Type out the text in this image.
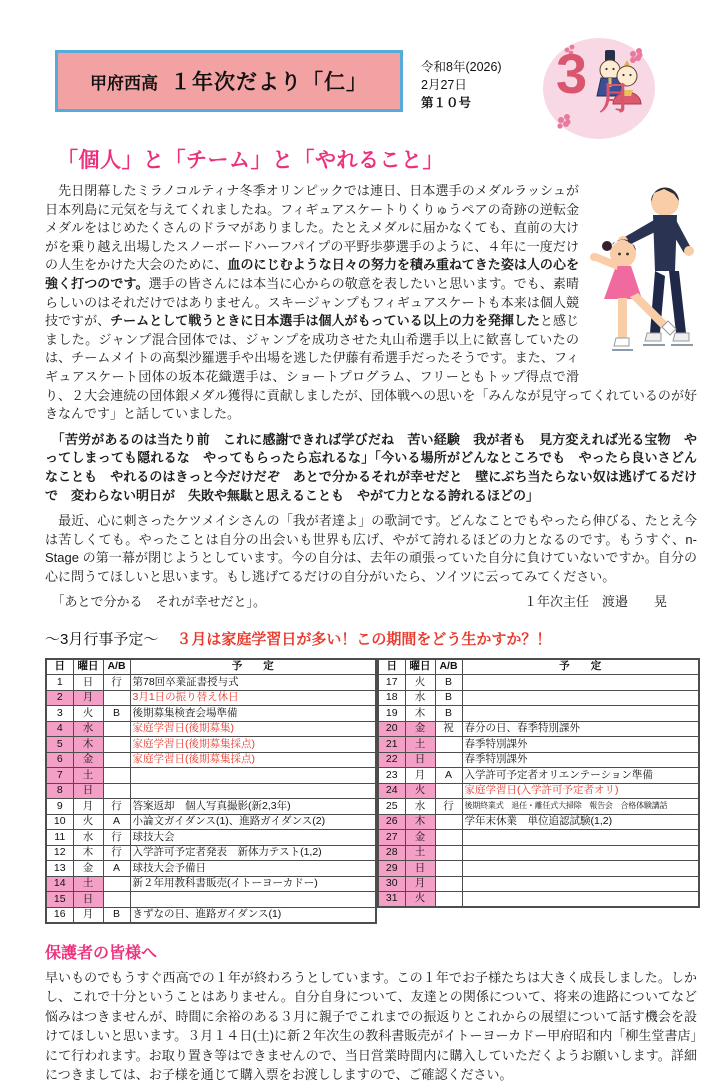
甲府西高 １年次だより「仁」
令和8年(2026)
2月27日
第１０号	3 月
「個人」と「チーム」と「やれること」

　先日閉幕したミラノコルティナ冬季オリンピックでは連日、日本選手のメダルラッシュが日本列島に元気を与えてくれましたね。フィギュアスケートりくりゅうペアの奇跡の逆転金メダルをはじめたくさんのドラマがありました。たとえメダルに届かなくても、直前の大けがを乗り越え出場したスノーボードハーフパイプの平野歩夢選手のように、４年に一度だけの人生をかけた大会のために、血のにじむような日々の努力を積み重ねてきた姿は人の心を強く打つのです。選手の皆さんには本当に心からの敬意を表したいと思います。でも、素晴らしいのはそれだけではありません。スキージャンプもフィギュアスケートも本来は個人競技ですが、チームとして戦うときに日本選手は個人がもっている以上の力を発揮したと感じました。ジャンプ混合団体では、ジャンプを成功させた丸山希選手以上に歓喜していたのは、チームメイトの高梨沙羅選手や出場を逃した伊藤有希選手だったそうです。また、フィギュアスケート団体の坂本花織選手は、ショートプログラム、フリーともトップ得点で滑り、２大会連続の団体銀メダル獲得に貢献しましたが、団体戦への思いを「みんなが見守ってくれているのが好きなんです」と話していました。

　「苦労があるのは当たり前　これに感謝できれば学びだね　苦い経験　我が者も　見方変えれば光る宝物　やってしまっても隠れるな　やってもらったら忘れるな」「今いる場所がどんなところでも　やったら良いさどんなことも　やれるのはきっと今だけだぞ　あとで分かるそれが幸せだと　壁にぶち当たらない奴は逃げてるだけで　変わらない明日が　失敗や無駄と思えることも　やがて力となる誇れるほどの」

　最近、心に刺さったケツメイシさんの「我が者達よ」の歌詞です。どんなことでもやったら伸びる、たとえ今は苦しくても。やったことは自分の出会いも世界も広げ、やがて誇れるほどの力となるのです。もうすぐ、n-Stage の第一幕が閉じようとしています。今の自分は、去年の頑張っていた自分に負けていないですか。自分の心に問うてほしいと思います。もし逃げてるだけの自分がいたら、ソイツに云ってみてください。

　「あとで分かる　それが幸せだと」。	１年次主任　渡邉　　晃
～3月行事予定～ ３月は家庭学習日が多い！この期間をどう生かすか？！
日	曜日	A/B	予　　定
1	日	行	第78回卒業証書授与式
2	月		3月1日の振り替え休日
3	火	B	後期募集検査会場準備
4	水		家庭学習日(後期募集)
5	木		家庭学習日(後期募集採点)
6	金		家庭学習日(後期募集採点)
7	土		
8	日		
9	月	行	答案返却　個人写真撮影(新2,3年)
10	火	A	小論文ガイダンス(1)、進路ガイダンス(2)
11	水	行	球技大会
12	木	行	入学許可予定者発表　新体力テスト(1,2)
13	金	A	球技大会予備日
14	土		新２年用教科書販売(イトーヨーカドー)
15	日		
16	月	B	きずなの日、進路ガイダンス(1)
日	曜日	A/B	予　　定
17	火	B	
18	水	B	
19	木	B	
20	金	祝	春分の日、春季特別課外
21	土		春季特別課外
22	日		春季特別課外
23	月	A	入学許可予定者オリエンテーション準備
24	火		家庭学習日(入学許可予定者オリ)
25	水	行	後期終業式　退任・離任式大掃除　報告会　合格体験講話
26	木		学年末休業　単位追認試験(1,2)
27	金		
28	土		
29	日		
30	月		
31	火		
保護者の皆様へ

早いものでもうすぐ西高での１年が終わろうとしています。この１年でお子様たちは大きく成長しました。しかし、これで十分ということはありません。自分自身について、友達との関係について、将来の進路についてなど悩みはつきませんが、時間に余裕のある３月に親子でこれまでの振返りとこれからの展望について話す機会を設けてほしいと思います。３月１４日(土)に新２年次生の教科書販売がイトーヨーカドー甲府昭和内「柳生堂書店」にて行われます。お取り置き等はできませんので、当日営業時間内に購入していただくようお願いします。詳細につきましては、お子様を通じて購入票をお渡ししますので、ご確認ください。
